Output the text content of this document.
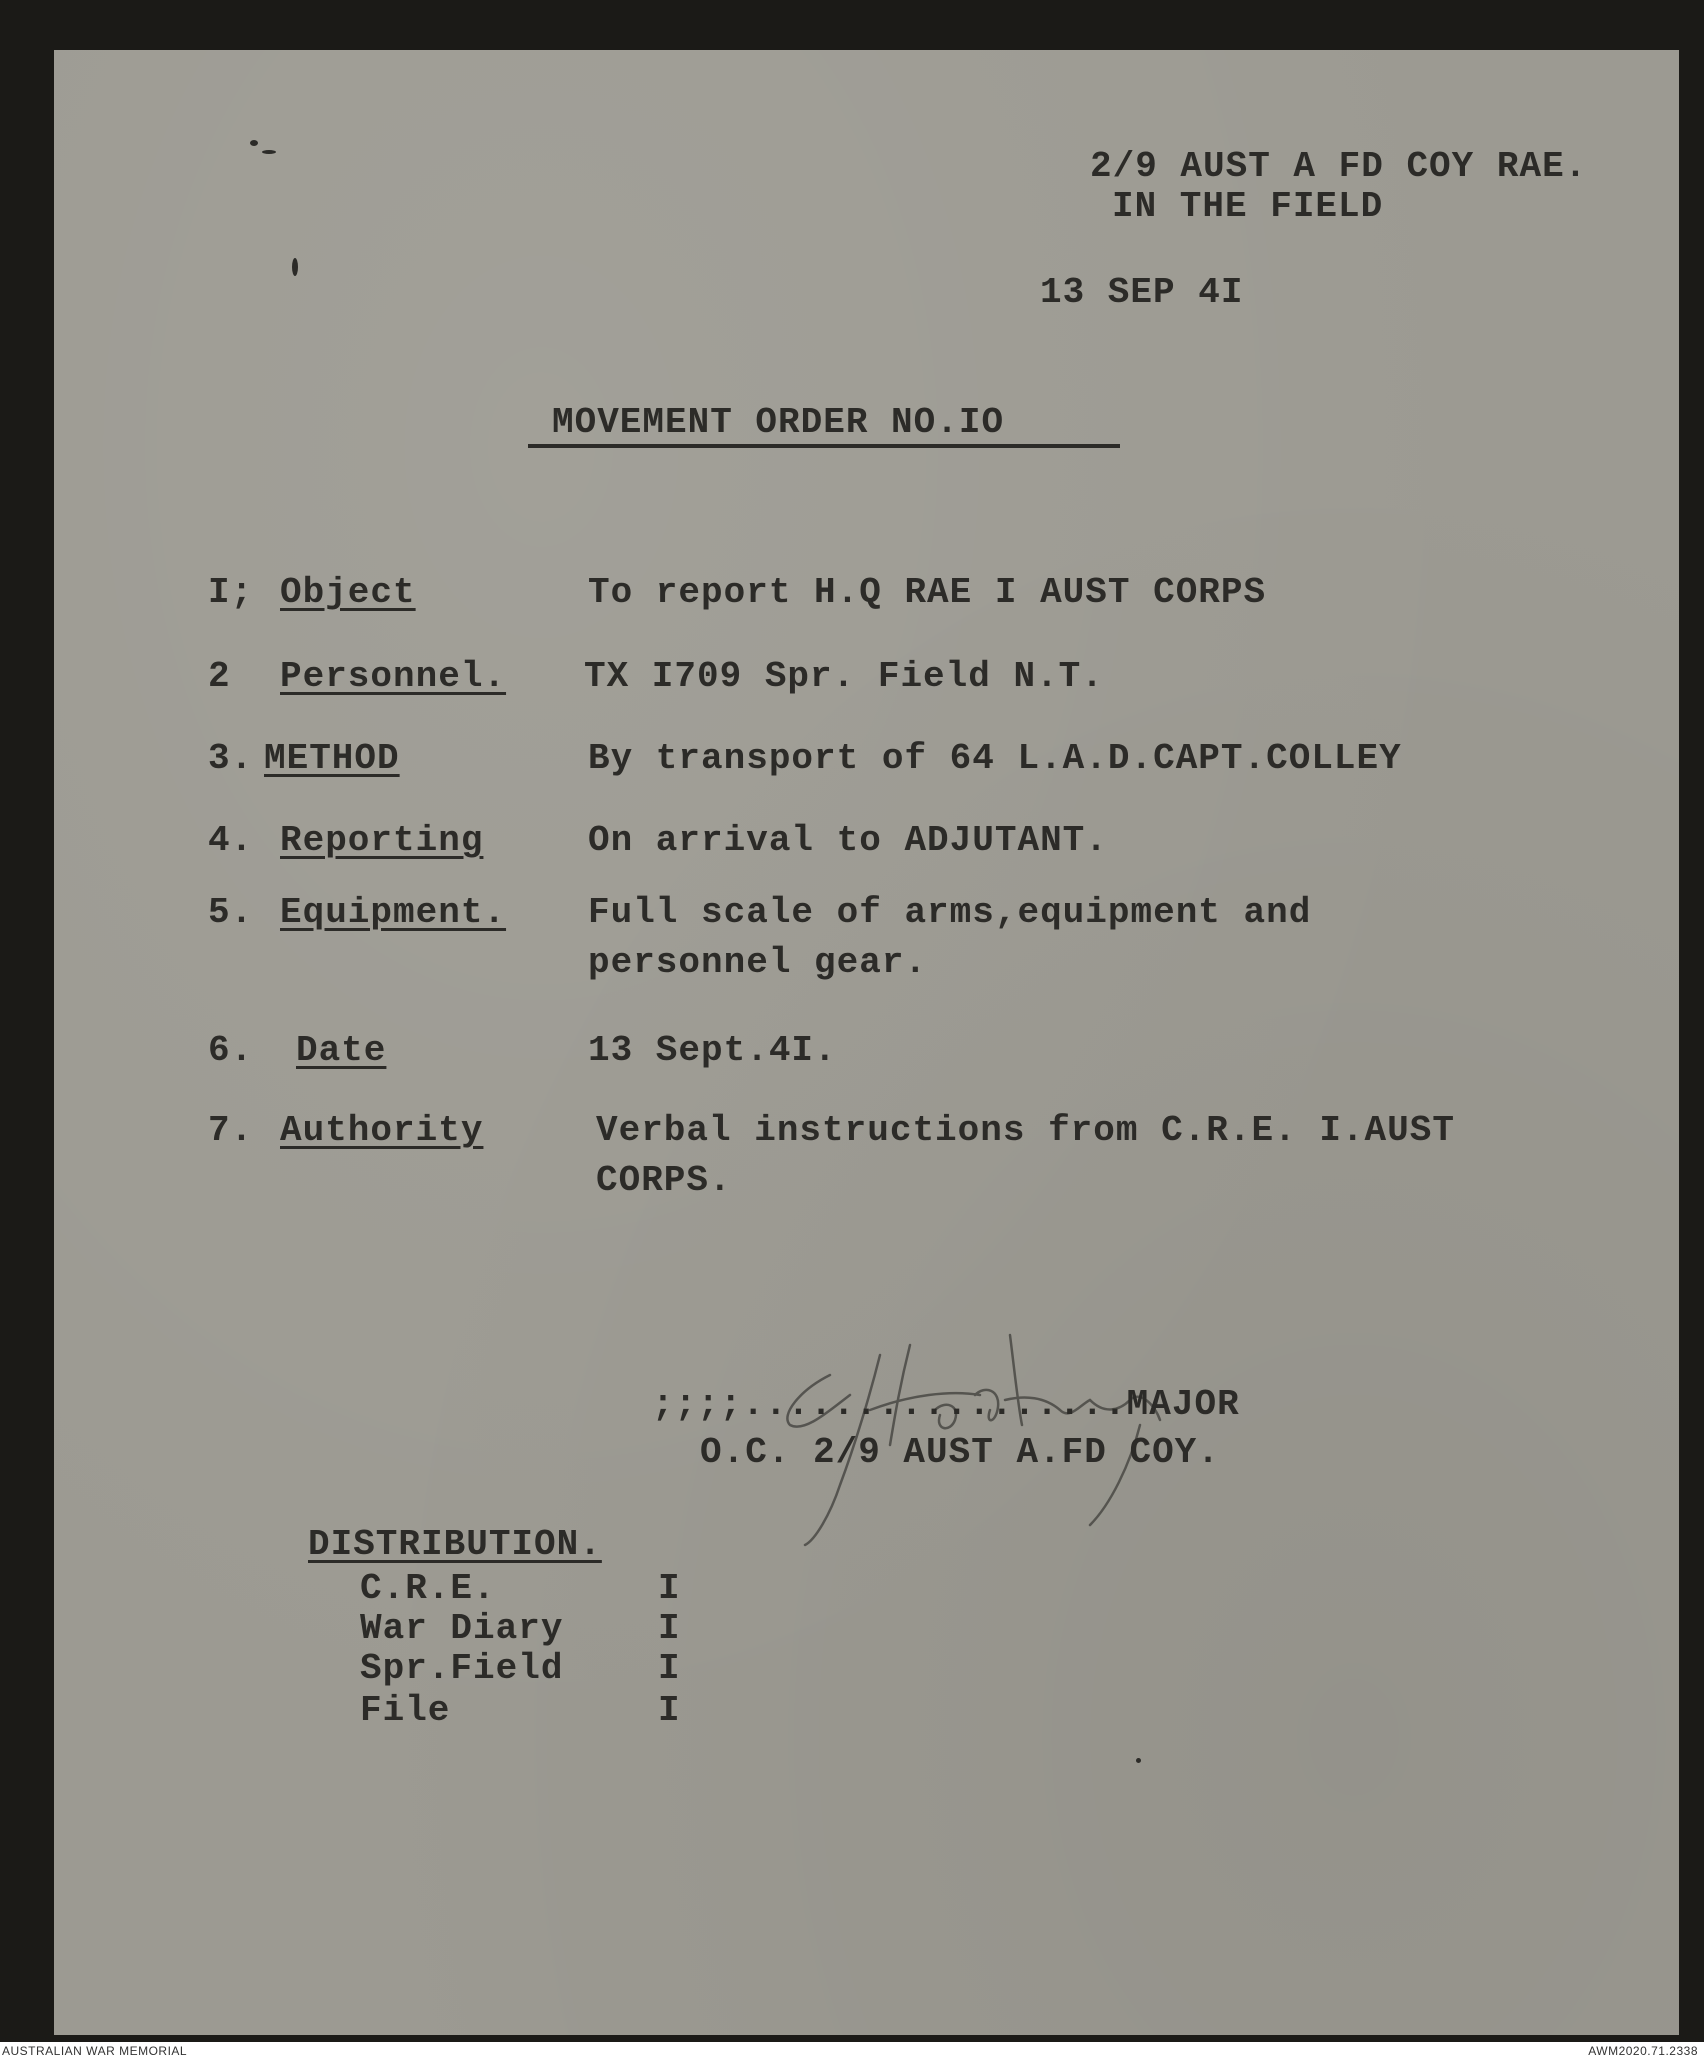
2/9 AUST A FD COY RAE.
IN THE FIELD
13 SEP 4I
MOVEMENT ORDER NO.IO
I; Object	To report H.Q RAE I AUST CORPS
2 Personnel. TX I709 Spr. Field N.T.
3. METHOD	By transport of 64 L.A.D.CAPT.COLLEY
4. Reporting	On arrival to ADJUTANT.
5. Equipment. Full scale of arms,equipment and
personnel gear.
6. Date	13 Sept.4I.
7. Authority	Verbal instructions from C.R.E. I.AUST
CORPS.
;;;;.................MAJOR
O.C. 2/9 AUST A.FD COY.
DISTRIBUTION.
C.R.E.	I
War Diary	I
Spr.Field	I
File	I
AUSTRALIAN WAR MEMORIAL	AWM2020.71.2338
